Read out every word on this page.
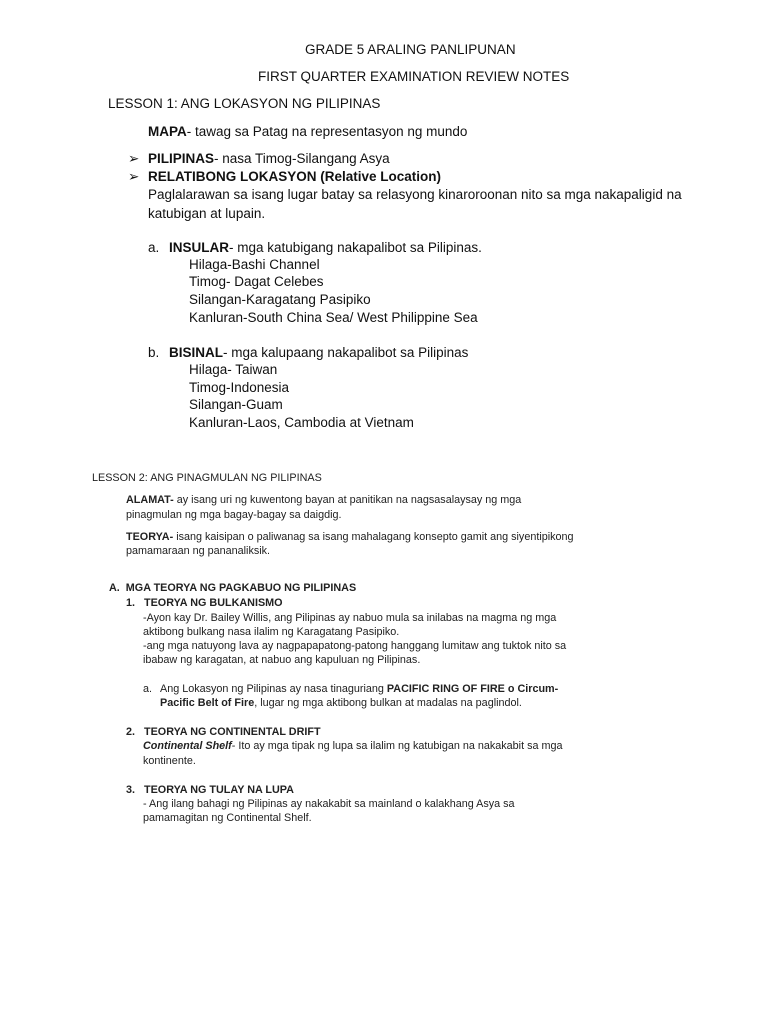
GRADE 5 ARALING PANLIPUNAN
FIRST QUARTER EXAMINATION REVIEW NOTES
LESSON 1: ANG LOKASYON NG PILIPINAS
MAPA- tawag sa Patag na representasyon ng mundo
➢ PILIPINAS- nasa Timog-Silangang Asya
➢ RELATIBONG LOKASYON (Relative Location)
Paglalarawan sa isang lugar batay sa relasyong kinaroroonan nito sa mga nakapaligid na
katubigan at lupain.
a. INSULAR- mga katubigang nakapalibot sa Pilipinas.
Hilaga-Bashi Channel
Timog- Dagat Celebes
Silangan-Karagatang Pasipiko
Kanluran-South China Sea/ West Philippine Sea
b. BISINAL- mga kalupaang nakapalibot sa Pilipinas
Hilaga- Taiwan
Timog-Indonesia
Silangan-Guam
Kanluran-Laos, Cambodia at Vietnam
LESSON 2: ANG PINAGMULAN NG PILIPINAS
ALAMAT- ay isang uri ng kuwentong bayan at panitikan na nagsasalaysay ng mga
pinagmulan ng mga bagay-bagay sa daigdig.
TEORYA- isang kaisipan o paliwanag sa isang mahalagang konsepto gamit ang siyentipikong
pamamaraan ng pananaliksik.
A.  MGA TEORYA NG PAGKABUO NG PILIPINAS
1.   TEORYA NG BULKANISMO
-Ayon kay Dr. Bailey Willis, ang Pilipinas ay nabuo mula sa inilabas na magma ng mga
aktibong bulkang nasa ilalim ng Karagatang Pasipiko.
-ang mga natuyong lava ay nagpapapatong-patong hanggang lumitaw ang tuktok nito sa
ibabaw ng karagatan, at nabuo ang kapuluan ng Pilipinas.
a. Ang Lokasyon ng Pilipinas ay nasa tinaguriang PACIFIC RING OF FIRE o Circum-
Pacific Belt of Fire, lugar ng mga aktibong bulkan at madalas na paglindol.
2.   TEORYA NG CONTINENTAL DRIFT
Continental Shelf- Ito ay mga tipak ng lupa sa ilalim ng katubigan na nakakabit sa mga
kontinente.
3.   TEORYA NG TULAY NA LUPA
- Ang ilang bahagi ng Pilipinas ay nakakabit sa mainland o kalakhang Asya sa
pamamagitan ng Continental Shelf.
